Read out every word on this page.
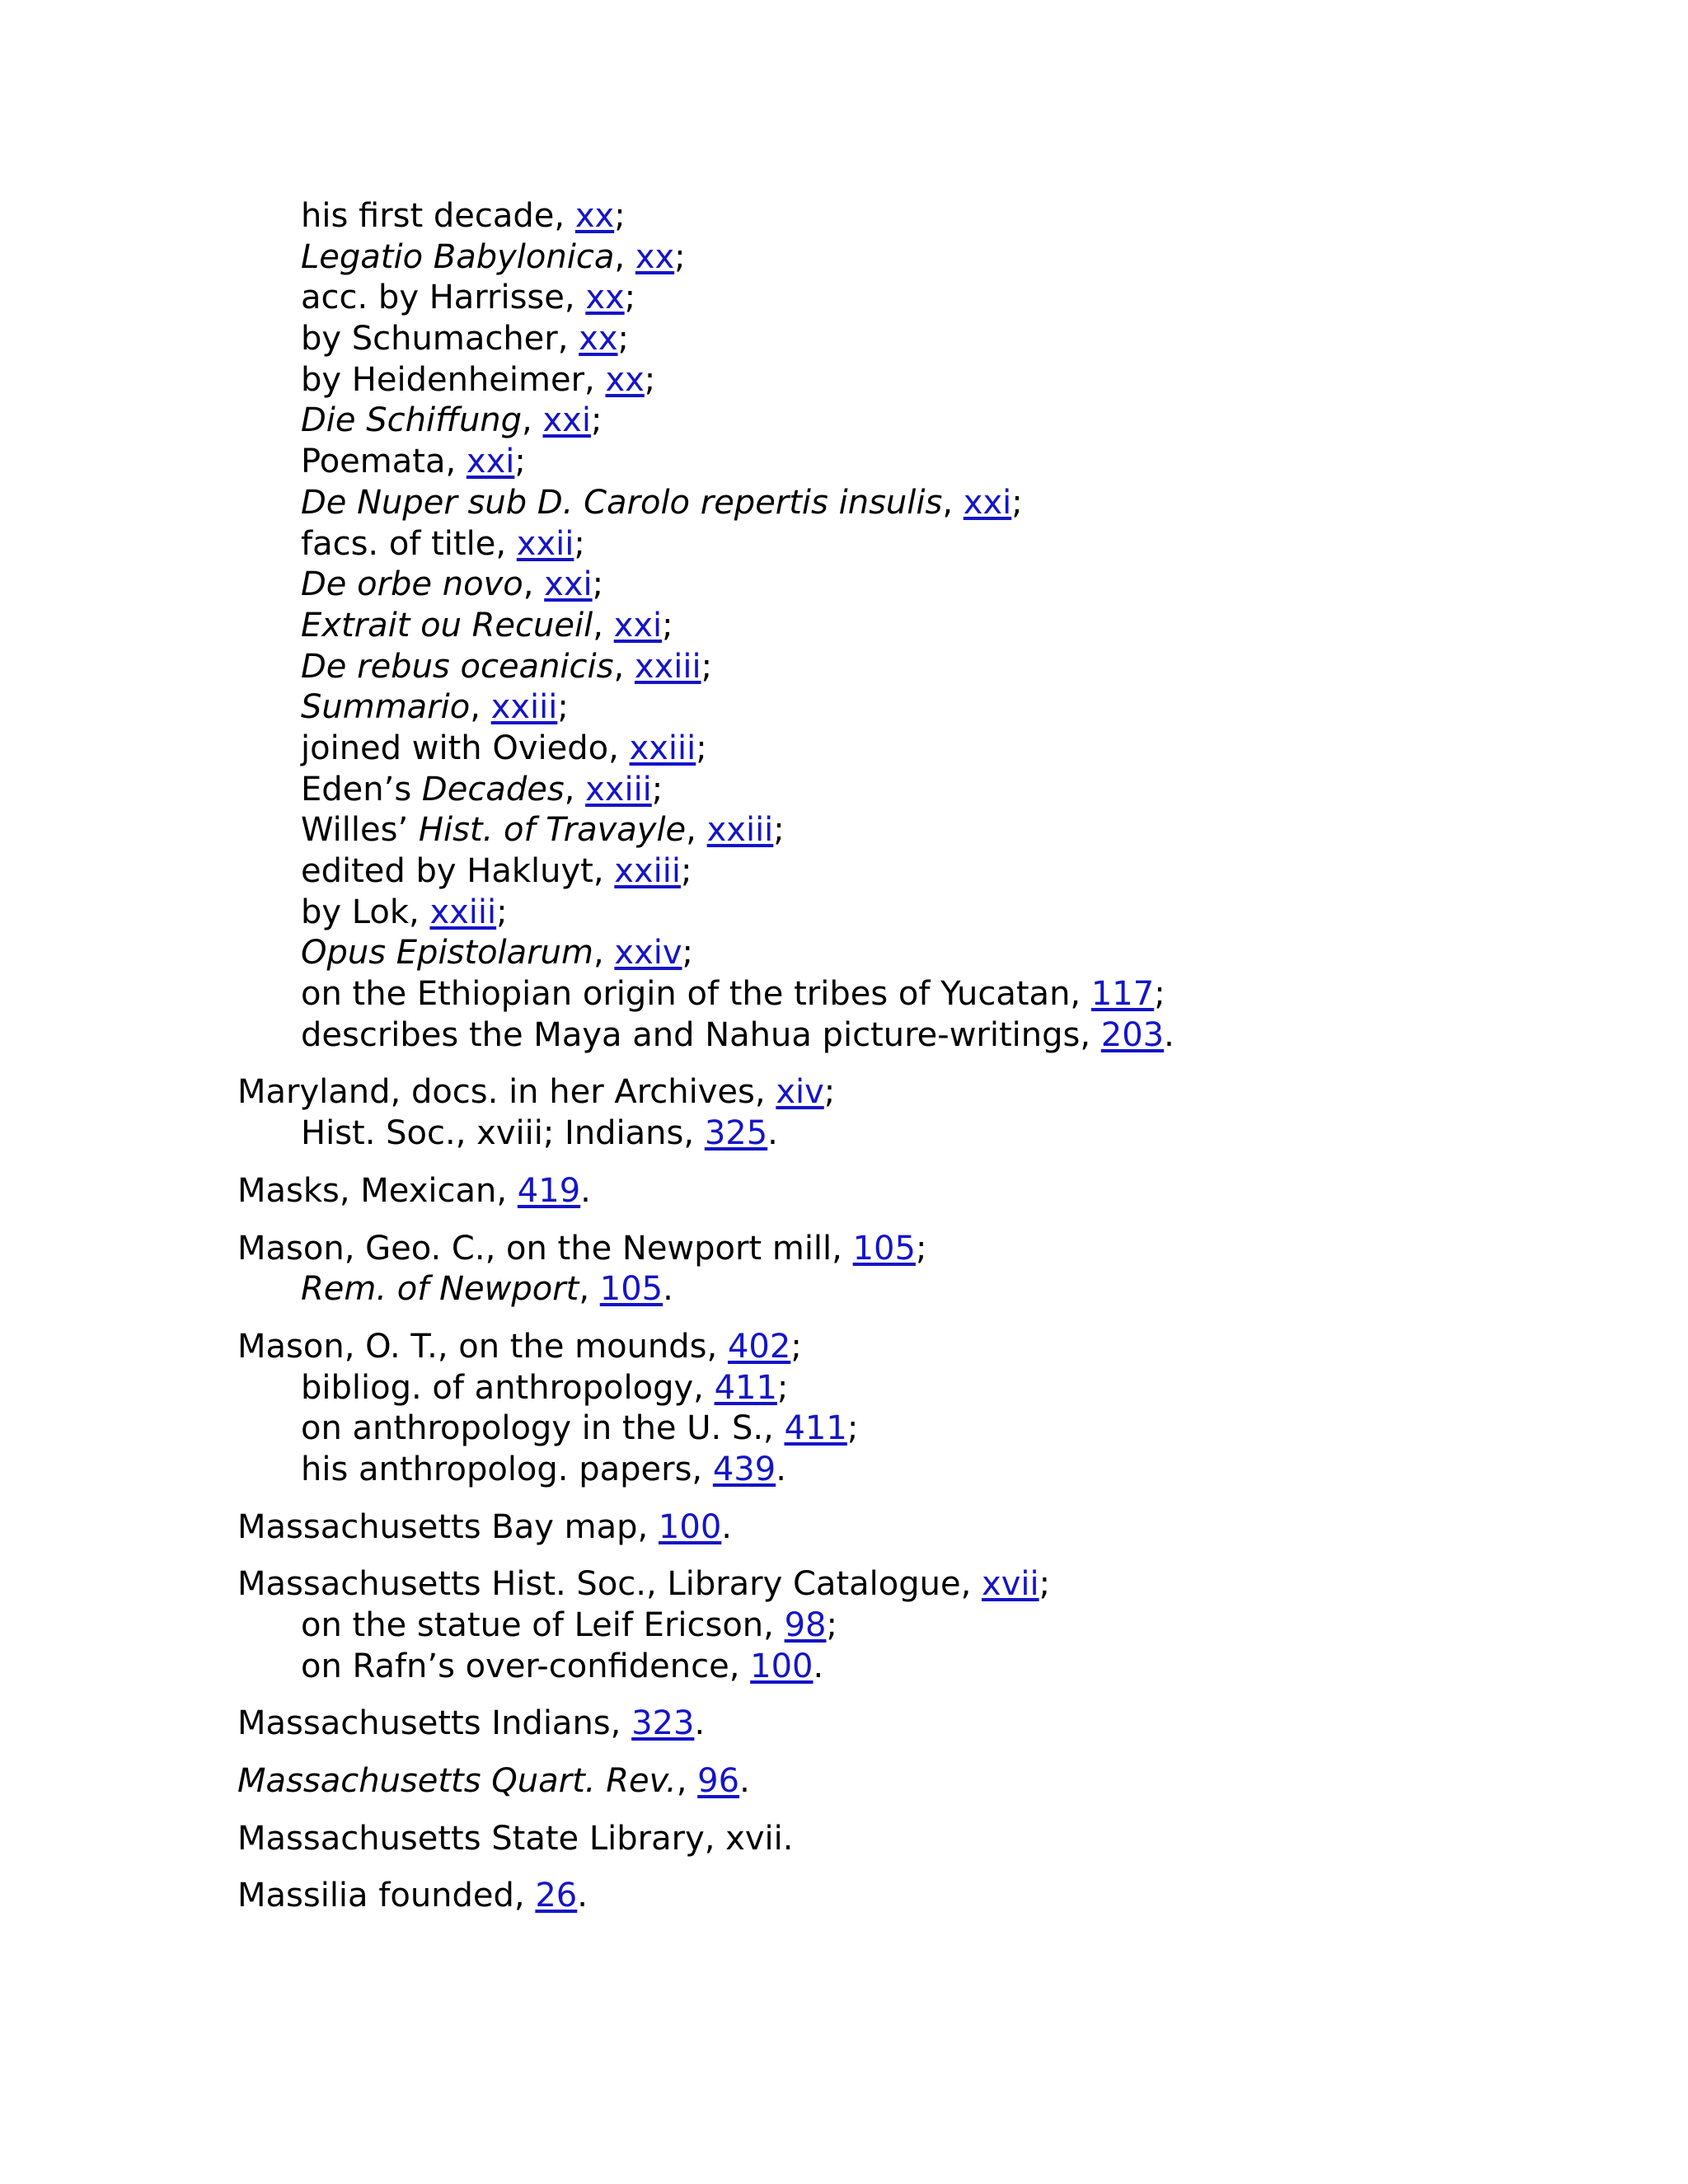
his first decade, xx;
Legatio Babylonica, xx;
acc. by Harrisse, xx;
by Schumacher, xx;
by Heidenheimer, xx;
Die Schiffung, xxi;
Poemata, xxi;
De Nuper sub D. Carolo repertis insulis, xxi;
facs. of title, xxii;
De orbe novo, xxi;
Extrait ou Recueil, xxi;
De rebus oceanicis, xxiii;
Summario, xxiii;
joined with Oviedo, xxiii;
Eden’s Decades, xxiii;
Willes’ Hist. of Travayle, xxiii;
edited by Hakluyt, xxiii;
by Lok, xxiii;
Opus Epistolarum, xxiv;
on the Ethiopian origin of the tribes of Yucatan, 117;
describes the Maya and Nahua picture-writings, 203.
Maryland, docs. in her Archives, xiv;
Hist. Soc., xviii; Indians, 325.
Masks, Mexican, 419.
Mason, Geo. C., on the Newport mill, 105;
Rem. of Newport, 105.
Mason, O. T., on the mounds, 402;
bibliog. of anthropology, 411;
on anthropology in the U. S., 411;
his anthropolog. papers, 439.
Massachusetts Bay map, 100.
Massachusetts Hist. Soc., Library Catalogue, xvii;
on the statue of Leif Ericson, 98;
on Rafn’s over-confidence, 100.
Massachusetts Indians, 323.
Massachusetts Quart. Rev., 96.
Massachusetts State Library, xvii.
Massilia founded, 26.
